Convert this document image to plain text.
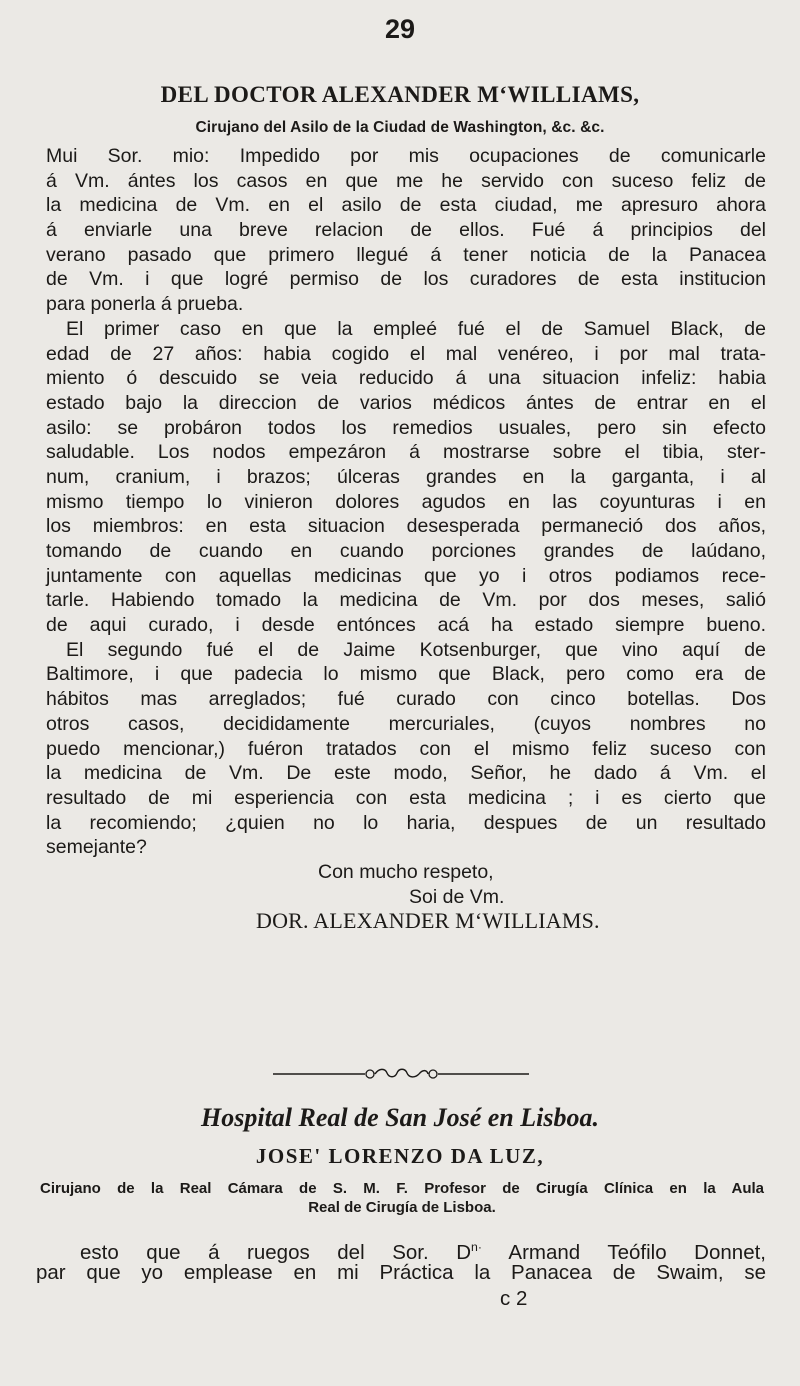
29
DEL DOCTOR ALEXANDER M‘WILLIAMS,
Cirujano del Asilo de la Ciudad de Washington, &c. &c.
Mui Sor. mio: Impedido por mis ocupaciones de comunicarle
á Vm. ántes los casos en que me he servido con suceso feliz de
la medicina de Vm. en el asilo de esta ciudad, me apresuro ahora
á enviarle una breve relacion de ellos. Fué á principios del
verano pasado que primero llegué á tener noticia de la Panacea
de Vm. i que logré permiso de los curadores de esta institucion
para ponerla á prueba.
El primer caso en que la empleé fué el de Samuel Black, de
edad de 27 años: habia cogido el mal venéreo, i por mal trata-
miento ó descuido se veia reducido á una situacion infeliz: habia
estado bajo la direccion de varios médicos ántes de entrar en el
asilo: se probáron todos los remedios usuales, pero sin efecto
saludable. Los nodos empezáron á mostrarse sobre el tibia, ster-
num, cranium, i brazos; úlceras grandes en la garganta, i al
mismo tiempo lo vinieron dolores agudos en las coyunturas i en
los miembros: en esta situacion desesperada permaneció dos años,
tomando de cuando en cuando porciones grandes de laúdano,
juntamente con aquellas medicinas que yo i otros podiamos rece-
tarle. Habiendo tomado la medicina de Vm. por dos meses, salió
de aqui curado, i desde entónces acá ha estado siempre bueno.
El segundo fué el de Jaime Kotsenburger, que vino aquí de
Baltimore, i que padecia lo mismo que Black, pero como era de
hábitos mas arreglados; fué curado con cinco botellas. Dos
otros casos, decididamente mercuriales, (cuyos nombres no
puedo mencionar,) fuéron tratados con el mismo feliz suceso con
la medicina de Vm. De este modo, Señor, he dado á Vm. el
resultado de mi esperiencia con esta medicina ; i es cierto que
la recomiendo; ¿quien no lo haria, despues de un resultado
semejante?
Con mucho respeto,
Soi de Vm.
DOR. ALEXANDER M‘WILLIAMS.
Hospital Real de San José en Lisboa.
JOSE' LORENZO DA LUZ,
Cirujano de la Real Cámara de S. M. F. Profesor de Cirugía Clínica en la Aula
Real de Cirugía de Lisboa.
esto que á ruegos del Sor. $D^{n\cdot}$ Armand Teófilo Donnet,
par que yo emplease en mi Práctica la Panacea de Swaim, se
c 2
